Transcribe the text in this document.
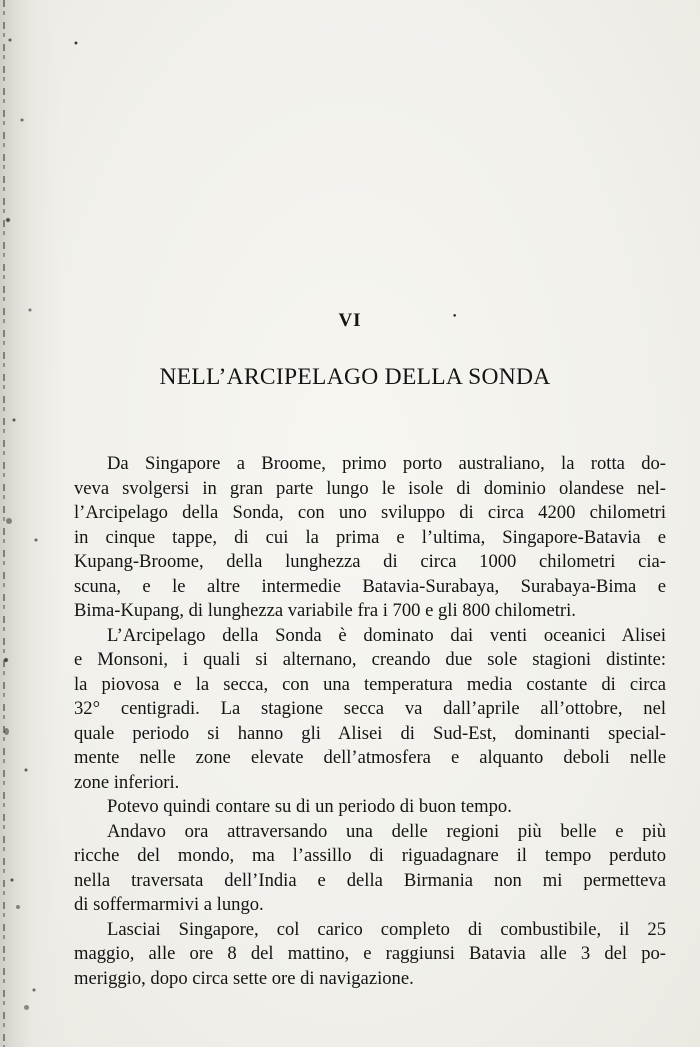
•
•
VI
NELL’ARCIPELAGO DELLA SONDA

Da Singapore a Broome, primo porto australiano, la rotta do-
veva svolgersi in gran parte lungo le isole di dominio olandese nel-
l’Arcipelago della Sonda, con uno sviluppo di circa 4200 chilometri
in cinque tappe, di cui la prima e l’ultima, Singapore-Batavia e
Kupang-Broome, della lunghezza di circa 1000 chilometri cia-
scuna, e le altre intermedie Batavia-Surabaya, Surabaya-Bima e
Bima-Kupang, di lunghezza variabile fra i 700 e gli 800 chilometri.

L’Arcipelago della Sonda è dominato dai venti oceanici Alisei
e Monsoni, i quali si alternano, creando due sole stagioni distinte:
la piovosa e la secca, con una temperatura media costante di circa
32° centigradi. La stagione secca va dall’aprile all’ottobre, nel
quale periodo si hanno gli Alisei di Sud-Est, dominanti special-
mente nelle zone elevate dell’atmosfera e alquanto deboli nelle
zone inferiori.

Potevo quindi contare su di un periodo di buon tempo.

Andavo ora attraversando una delle regioni più belle e più
ricche del mondo, ma l’assillo di riguadagnare il tempo perduto
nella traversata dell’India e della Birmania non mi permetteva
di soffermarmivi a lungo.

Lasciai Singapore, col carico completo di combustibile, il 25
maggio, alle ore 8 del mattino, e raggiunsi Batavia alle 3 del po-
meriggio, dopo circa sette ore di navigazione.
